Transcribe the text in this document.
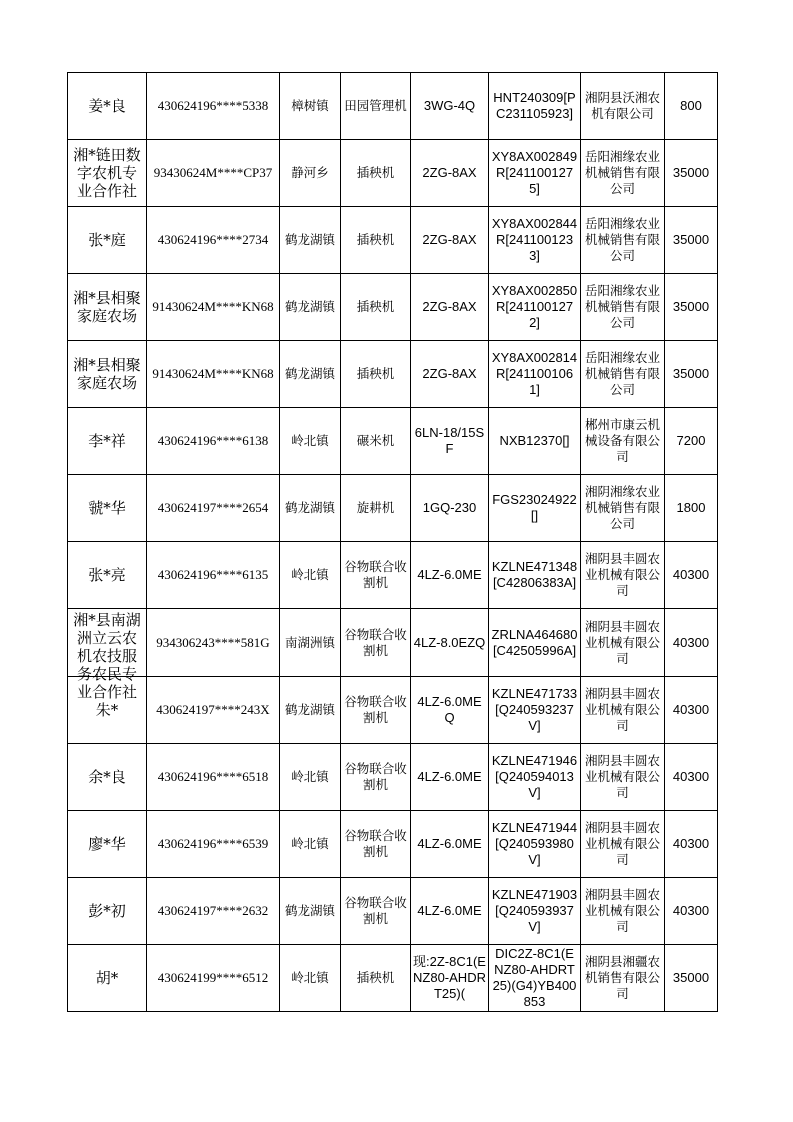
姜*良	430624196****5338	樟树镇	田园管理机	3WG-4Q	HNT240309[PC231105923]	湘阴县沃湘农机有限公司	800

湘*链田数字农机专业合作社	93430624M****CP37	静河乡	插秧机	2ZG-8AX	XY8AX002849R[2411001275]	岳阳湘缘农业机械销售有限公司	35000

张*庭	430624196****2734	鹤龙湖镇	插秧机	2ZG-8AX	XY8AX002844R[2411001233]	岳阳湘缘农业机械销售有限公司	35000

湘*县相聚家庭农场	91430624M****KN68	鹤龙湖镇	插秧机	2ZG-8AX	XY8AX002850R[2411001272]	岳阳湘缘农业机械销售有限公司	35000

湘*县相聚家庭农场	91430624M****KN68	鹤龙湖镇	插秧机	2ZG-8AX	XY8AX002814R[2411001061]	岳阳湘缘农业机械销售有限公司	35000

李*祥	430624196****6138	岭北镇	碾米机	6LN-18/15SF	NXB12370[]	郴州市康云机械设备有限公司	7200

虢*华	430624197****2654	鹤龙湖镇	旋耕机	1GQ-230	FGS23024922[]	湘阴湘缘农业机械销售有限公司	1800

张*亮	430624196****6135	岭北镇	谷物联合收割机	4LZ-6.0ME	KZLNE471348[C42806383A]	湘阴县丰圆农业机械有限公司	40300

湘*县南湖洲立云农机农技服务农民专业合作社	934306243****581G	南湖洲镇	谷物联合收割机	4LZ-8.0EZQ	ZRLNA464680[C42505996A]	湘阴县丰圆农业机械有限公司	40300

朱*	430624197****243X	鹤龙湖镇	谷物联合收割机	4LZ-6.0MEQ	KZLNE471733[Q240593237V]	湘阴县丰圆农业机械有限公司	40300

余*良	430624196****6518	岭北镇	谷物联合收割机	4LZ-6.0ME	KZLNE471946[Q240594013V]	湘阴县丰圆农业机械有限公司	40300

廖*华	430624196****6539	岭北镇	谷物联合收割机	4LZ-6.0ME	KZLNE471944[Q240593980V]	湘阴县丰圆农业机械有限公司	40300

彭*初	430624197****2632	鹤龙湖镇	谷物联合收割机	4LZ-6.0ME	KZLNE471903[Q240593937V]	湘阴县丰圆农业机械有限公司	40300

胡*	430624199****6512	岭北镇	插秧机	现:2Z-8C1(ENZ80-AHDRT25)(	DIC2Z-8C1(ENZ80-AHDRT25)(G4)YB400853	湘阴县湘疆农机销售有限公司	35000
